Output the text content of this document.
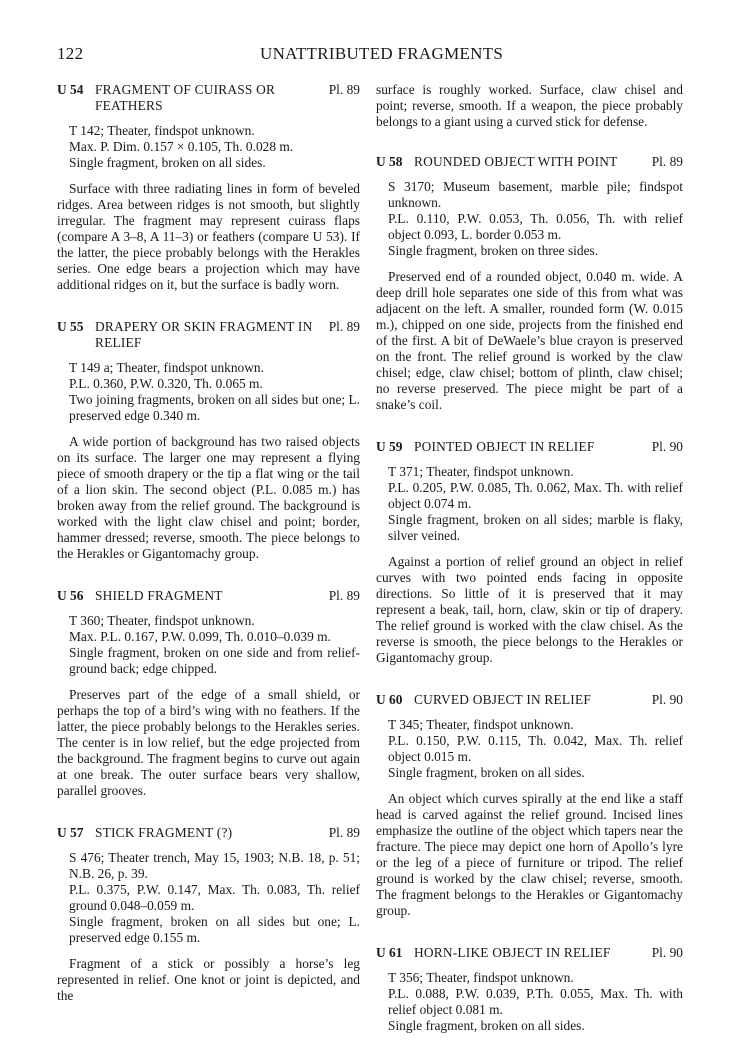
122	UNATTRIBUTED FRAGMENTS
U 54 FRAGMENT OF CUIRASS OR FEATHERS
Pl. 89

T 142; Theater, findspot unknown.

Max. P. Dim. 0.157 × 0.105, Th. 0.028 m.

Single fragment, broken on all sides.

Surface with three radiating lines in form of beveled ridges. Area between ridges is not smooth, but slightly irregular. The fragment may represent cuirass flaps (compare A 3–8, A 11–3) or feathers (compare U 53). If the latter, the piece probably belongs with the Herakles series. One edge bears a projection which may have additional ridges on it, but the surface is badly worn.

U 55 DRAPERY OR SKIN FRAGMENT IN RELIEF
Pl. 89

T 149 a; Theater, findspot unknown.

P.L. 0.360, P.W. 0.320, Th. 0.065 m.

Two joining fragments, broken on all sides but one; L. preserved edge 0.340 m.

A wide portion of background has two raised objects on its surface. The larger one may represent a flying piece of smooth drapery or the tip a flat wing or the tail of a lion skin. The second object (P.L. 0.085 m.) has broken away from the relief ground. The background is worked with the light claw chisel and point; border, hammer dressed; reverse, smooth. The piece belongs to the Herakles or Gigantomachy group.

U 56 SHIELD FRAGMENT	Pl. 89

T 360; Theater, findspot unknown.

Max. P.L. 0.167, P.W. 0.099, Th. 0.010–0.039 m.

Single fragment, broken on one side and from relief-ground back; edge chipped.

Preserves part of the edge of a small shield, or perhaps the top of a bird’s wing with no feathers. If the latter, the piece probably belongs to the Herakles series. The center is in low relief, but the edge projected from the background. The fragment begins to curve out again at one break. The outer surface bears very shallow, parallel grooves.

U 57 STICK FRAGMENT (?)	Pl. 89

S 476; Theater trench, May 15, 1903; N.B. 18, p. 51; N.B. 26, p. 39.

P.L. 0.375, P.W. 0.147, Max. Th. 0.083, Th. relief ground 0.048–0.059 m.

Single fragment, broken on all sides but one; L. preserved edge 0.155 m.

Fragment of a stick or possibly a horse’s leg represented in relief. One knot or joint is depicted, and the

surface is roughly worked. Surface, claw chisel and point; reverse, smooth. If a weapon, the piece probably belongs to a giant using a curved stick for defense.

U 58 ROUNDED OBJECT WITH POINT	Pl. 89

S 3170; Museum basement, marble pile; findspot unknown.

P.L. 0.110, P.W. 0.053, Th. 0.056, Th. with relief object 0.093, L. border 0.053 m.

Single fragment, broken on three sides.

Preserved end of a rounded object, 0.040 m. wide. A deep drill hole separates one side of this from what was adjacent on the left. A smaller, rounded form (W. 0.015 m.), chipped on one side, projects from the finished end of the first. A bit of DeWaele’s blue crayon is preserved on the front. The relief ground is worked by the claw chisel; edge, claw chisel; bottom of plinth, claw chisel; no reverse preserved. The piece might be part of a snake’s coil.

U 59 POINTED OBJECT IN RELIEF	Pl. 90

T 371; Theater, findspot unknown.

P.L. 0.205, P.W. 0.085, Th. 0.062, Max. Th. with relief object 0.074 m.

Single fragment, broken on all sides; marble is flaky, silver veined.

Against a portion of relief ground an object in relief curves with two pointed ends facing in opposite directions. So little of it is preserved that it may represent a beak, tail, horn, claw, skin or tip of drapery. The relief ground is worked with the claw chisel. As the reverse is smooth, the piece belongs to the Herakles or Gigantomachy group.

U 60 CURVED OBJECT IN RELIEF	Pl. 90

T 345; Theater, findspot unknown.

P.L. 0.150, P.W. 0.115, Th. 0.042, Max. Th. relief object 0.015 m.

Single fragment, broken on all sides.

An object which curves spirally at the end like a staff head is carved against the relief ground. Incised lines emphasize the outline of the object which tapers near the fracture. The piece may depict one horn of Apollo’s lyre or the leg of a piece of furniture or tripod. The relief ground is worked by the claw chisel; reverse, smooth. The fragment belongs to the Herakles or Gigantomachy group.

U 61 HORN-LIKE OBJECT IN RELIEF	Pl. 90

T 356; Theater, findspot unknown.

P.L. 0.088, P.W. 0.039, P.Th. 0.055, Max. Th. with relief object 0.081 m.

Single fragment, broken on all sides.
